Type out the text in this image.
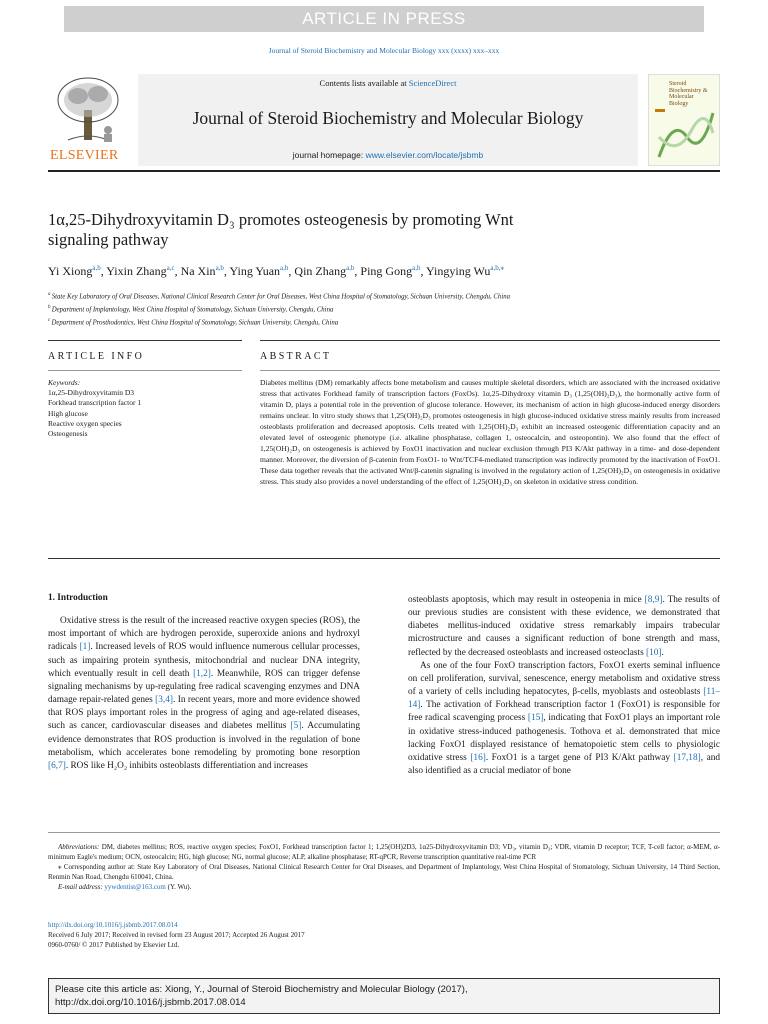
ARTICLE IN PRESS
Journal of Steroid Biochemistry and Molecular Biology xxx (xxxx) xxx–xxx
ELSEVIER
Contents lists available at ScienceDirect
Journal of Steroid Biochemistry and Molecular Biology
journal homepage: www.elsevier.com/locate/jsbmb
Steroid
Biochemistry &
Molecular
Biology
1α,25-Dihydroxyvitamin D₃ promotes osteogenesis by promoting Wnt
signaling pathway
Yi Xiong$^{a,b}$, Yixin Zhang$^{a,c}$, Na Xin$^{a,b}$, Ying Yuan$^{a,b}$, Qin Zhang$^{a,b}$, Ping Gong$^{a,b}$, Yingying $Wu^{a,b,⁎}$
$^a$ State Key Laboratory of Oral Diseases, National Clinical Research Center for Oral Diseases, West China Hospital of Stomatology, Sichuan University, Chengdu, China
$^b$ Department of Implantology, West China Hospital of Stomatology, Sichuan University, Chengdu, China
$^c$ Department of Prosthodontics, West China Hospital of Stomatology, Sichuan University, Chengdu, China
ARTICLE INFO	ABSTRACT
Keywords:
1α,25-Dihydroxyvitamin D3
Forkhead transcription factor 1
High glucose
Reactive oxygen species
Osteogenesis
Diabetes mellitus (DM) remarkably affects bone metabolism and causes multiple skeletal disorders, which are associated with the increased oxidative stress that activates Forkhead family of transcription factors (FoxOs). 1α,25-Dihydroxy vitamin D₃ (1,25(OH)₂D₃), the hormonally active form of vitamin D, plays a potential role in the prevention of glucose tolerance. However, its mechanism of action in high glucose-induced energy disorders remains unclear. In vitro study shows that 1,25(OH)₂D₃ promotes osteogenesis in high glucose-induced oxidative stress mainly results from increased osteoblasts proliferation and decreased apoptosis. Cells treated with 1,25(OH)₂D₃ exhibit an increased osteogenic differentiation capacity and an elevated level of osteogenic phenotype (i.e. alkaline phosphatase, collagen 1, osteocalcin, and osteopontin). We also found that the effect of 1,25(OH)₂D₃ on osteogenesis is achieved by FoxO1 inactivation and nuclear exclusion through PI3 K/Akt pathway in a time- and dose-dependent manner. Moreover, the diversion of β-catenin from FoxO1- to Wnt/TCF4-mediated transcription was indirectly promoted by the inactivation of FoxO1. These data together reveals that the activated Wnt/β-catenin signaling is involved in the regulatory action of 1,25(OH)₂D₃ on osteogenesis in oxidative stress. This study also provides a novel understanding of the effect of 1,25(OH)₂D₃ on skeleton in oxidative stress condition.
1. Introduction

Oxidative stress is the result of the increased reactive oxygen species (ROS), the most important of which are hydrogen peroxide, superoxide anions and hydroxyl radicals [1]. Increased levels of ROS would influence numerous cellular processes, such as impairing protein synthesis, mitochondrial and nuclear DNA integrity, which eventually result in cell death [1,2]. Meanwhile, ROS can trigger defense signaling mechanisms by up-regulating free radical scavenging enzymes and DNA damage repair-related genes [3,4]. In recent years, more and more evidence showed that ROS plays important roles in the progress of aging and age-related diseases, such as cancer, cardiovascular diseases and diabetes mellitus [5]. Accumulating evidence demonstrates that ROS production is involved in the regulation of bone metabolism, which accelerates bone remodeling by promoting bone resorption [6,7]. ROS like H₂O₂ inhibits osteoblasts differentiation and increases

osteoblasts apoptosis, which may result in osteopenia in mice [8,9]. The results of our previous studies are consistent with these evidence, we demonstrated that diabetes mellitus-induced oxidative stress remarkably impairs trabecular microstructure and causes a significant reduction of bone strength and mass, reflected by the decreased osteoblasts and increased osteoclasts [10].

As one of the four FoxO transcription factors, FoxO1 exerts seminal influence on cell proliferation, survival, senescence, energy metabolism and oxidative stress of a variety of cells including hepatocytes, β-cells, myoblasts and osteoblasts [11–14]. The activation of Forkhead transcription factor 1 (FoxO1) is responsible for free radical scavenging process [15], indicating that FoxO1 plays an important role in oxidative stress-induced pathogenesis. Tothova et al. demonstrated that mice lacking FoxO1 displayed resistance of hematopoietic stem cells to physiologic oxidative stress [16]. FoxO1 is a target gene of PI3 K/Akt pathway [17,18], and also identified as a crucial mediator of bone

Abbreviations: DM, diabetes mellitus; ROS, reactive oxygen species; FoxO1, Forkhead transcription factor 1; 1,25(OH)2D3, 1α25-Dihydroxyvitamin D3; VD₃, vitamin D₃; VDR, vitamin D receptor; TCF, T-cell factor; α-MEM, α-minimum Eagle's medium; OCN, osteocalcin; HG, high glucose; NG, normal glucose; ALP, alkaline phosphatase; RT-qPCR, Reverse transcription quantitative real-time PCR
⁎ Corresponding author at: State Key Laboratory of Oral Diseases, National Clinical Research Center for Oral Diseases, and Department of Implantology, West China Hospital of Stomatology, Sichuan University, 14 Third Section, Renmin Nan Road, Chengdu 610041, China.
E-mail address: yywdentist@163.com (Y. Wu).
http://dx.doi.org/10.1016/j.jsbmb.2017.08.014
Received 6 July 2017; Received in revised form 23 August 2017; Accepted 26 August 2017
0960-0760/ © 2017 Published by Elsevier Ltd.
Please cite this article as: Xiong, Y., Journal of Steroid Biochemistry and Molecular Biology (2017),
http://dx.doi.org/10.1016/j.jsbmb.2017.08.014
